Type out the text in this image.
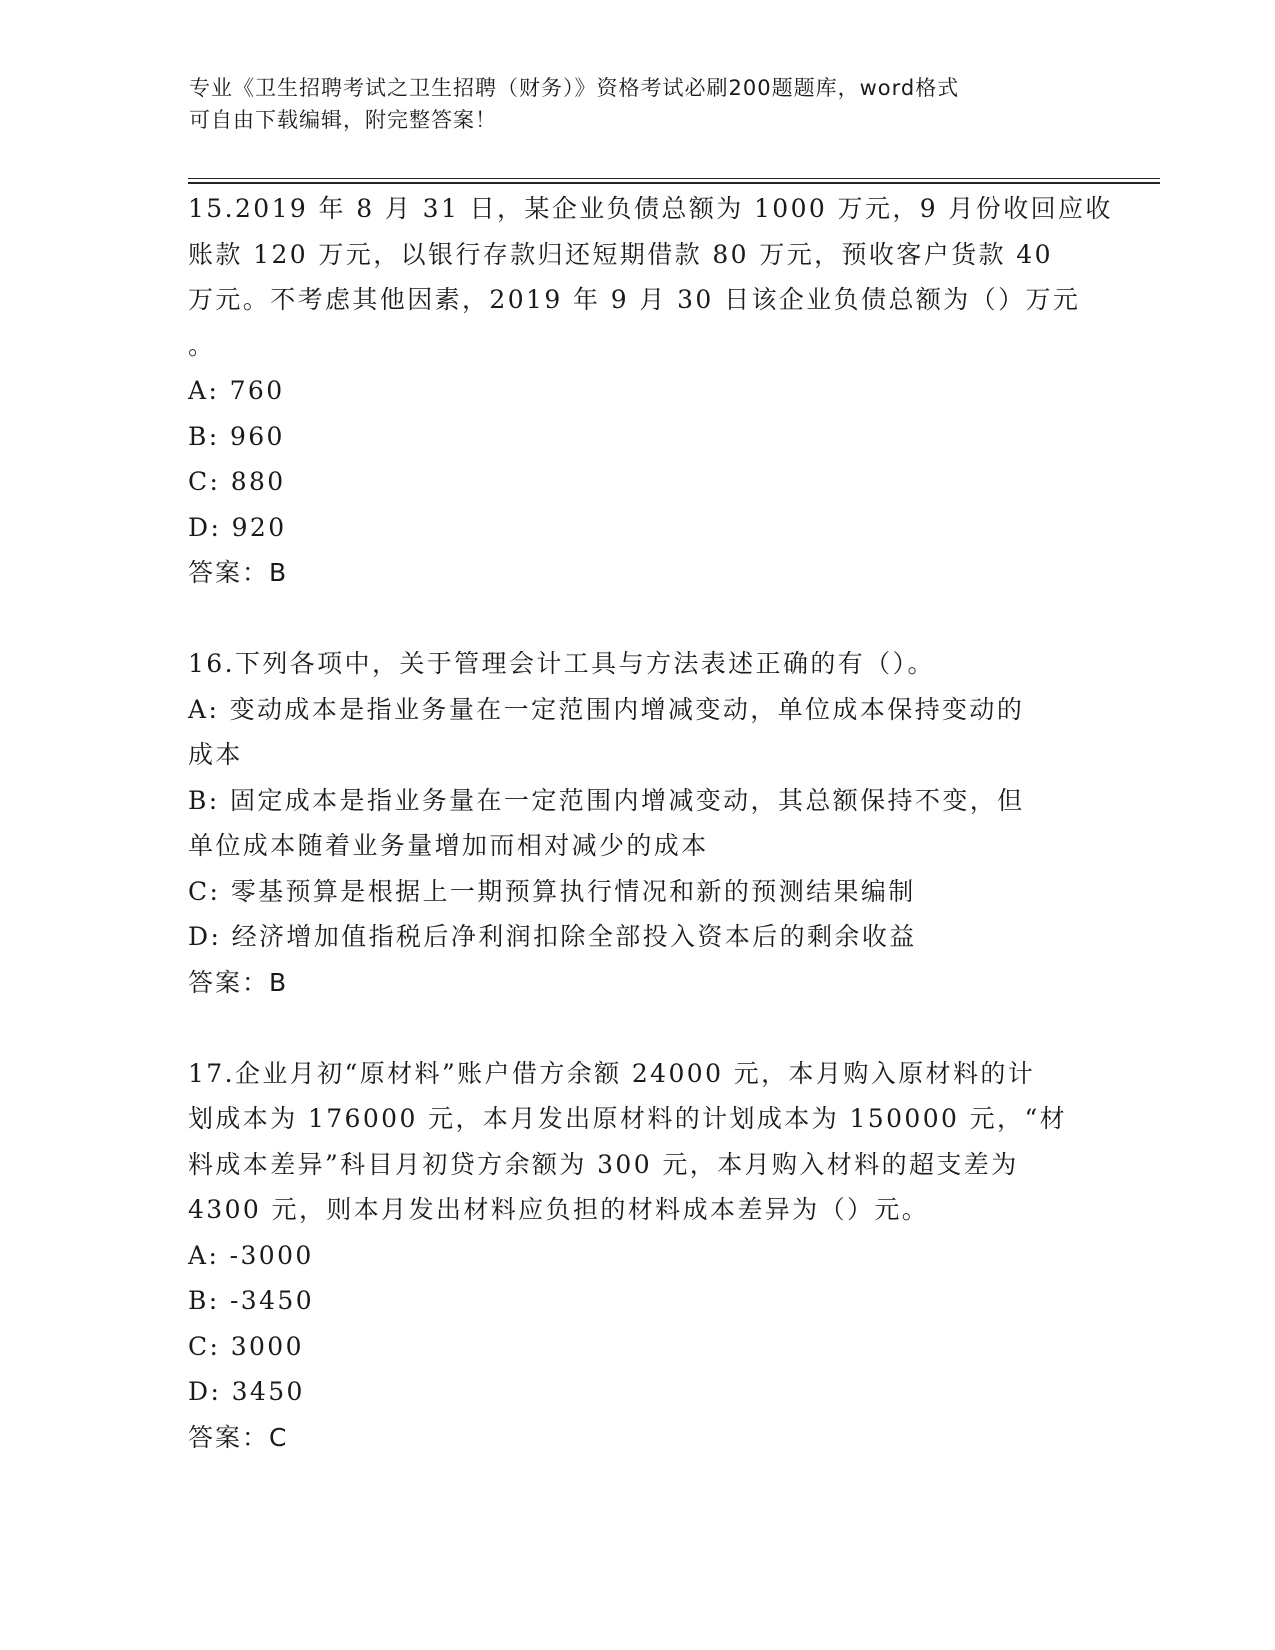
专业《卫生招聘考试之卫生招聘（财务）》资格考试必刷200题题库，word格式
可自由下载编辑，附完整答案！
15.2019 年 8 月 31 日，某企业负债总额为 1000 万元，9 月份收回应收
账款 120 万元，以银行存款归还短期借款 80 万元，预收客户货款 40
万元。不考虑其他因素，2019 年 9 月 30 日该企业负债总额为（）万元
。
A: 760
B: 960
C: 880
D: 920
答案：B
16.下列各项中，关于管理会计工具与方法表述正确的有（）。
A: 变动成本是指业务量在一定范围内增减变动，单位成本保持变动的
成本
B: 固定成本是指业务量在一定范围内增减变动，其总额保持不变，但
单位成本随着业务量增加而相对减少的成本
C: 零基预算是根据上一期预算执行情况和新的预测结果编制
D: 经济增加值指税后净利润扣除全部投入资本后的剩余收益
答案：B
17.企业月初“原材料”账户借方余额 24000 元，本月购入原材料的计
划成本为 176000 元，本月发出原材料的计划成本为 150000 元，“材
料成本差异”科目月初贷方余额为 300 元，本月购入材料的超支差为
4300 元，则本月发出材料应负担的材料成本差异为（）元。
A: -3000
B: -3450
C: 3000
D: 3450
答案：C
